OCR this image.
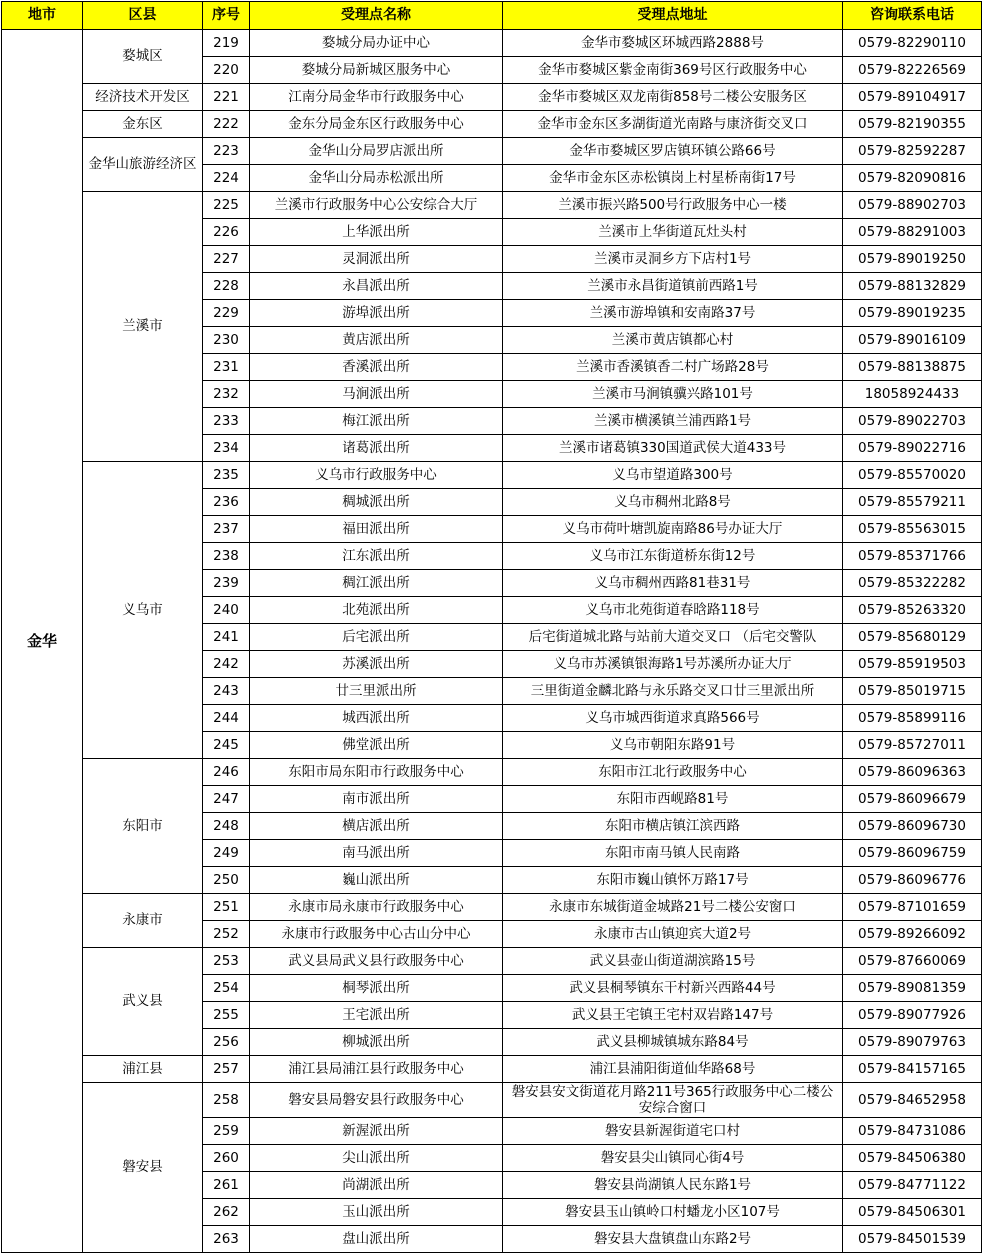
地市	区县	序号	受理点名称	受理点地址	咨询联系电话
金华	婺城区	219	婺城分局办证中心	金华市婺城区环城西路2888号	0579-82290110
		220	婺城分局新城区服务中心	金华市婺城区紫金南街369号区行政服务中心	0579-82226569
	经济技术开发区	221	江南分局金华市行政服务中心	金华市婺城区双龙南街858号二楼公安服务区	0579-89104917
	金东区	222	金东分局金东区行政服务中心	金华市金东区多湖街道光南路与康济街交叉口	0579-82190355
	金华山旅游经济区	223	金华山分局罗店派出所	金华市婺城区罗店镇环镇公路66号	0579-82592287
		224	金华山分局赤松派出所	金华市金东区赤松镇岗上村星桥南街17号	0579-82090816
	兰溪市	225	兰溪市行政服务中心公安综合大厅	兰溪市振兴路500号行政服务中心一楼	0579-88902703
		226	上华派出所	兰溪市上华街道瓦灶头村	0579-88291003
		227	灵洞派出所	兰溪市灵洞乡方下店村1号	0579-89019250
		228	永昌派出所	兰溪市永昌街道镇前西路1号	0579-88132829
		229	游埠派出所	兰溪市游埠镇和安南路37号	0579-89019235
		230	黄店派出所	兰溪市黄店镇都心村	0579-89016109
		231	香溪派出所	兰溪市香溪镇香二村广场路28号	0579-88138875
		232	马涧派出所	兰溪市马涧镇骥兴路101号	18058924433
		233	梅江派出所	兰溪市横溪镇兰浦西路1号	0579-89022703
		234	诸葛派出所	兰溪市诸葛镇330国道武侯大道433号	0579-89022716
	义乌市	235	义乌市行政服务中心	义乌市望道路300号	0579-85570020
		236	稠城派出所	义乌市稠州北路8号	0579-85579211
		237	福田派出所	义乌市荷叶塘凯旋南路86号办证大厅	0579-85563015
		238	江东派出所	义乌市江东街道桥东街12号	0579-85371766
		239	稠江派出所	义乌市稠州西路81巷31号	0579-85322282
		240	北苑派出所	义乌市北苑街道春晗路118号	0579-85263320
		241	后宅派出所	后宅街道城北路与站前大道交叉口 （后宅交警队	0579-85680129
		242	苏溪派出所	义乌市苏溪镇银海路1号苏溪所办证大厅	0579-85919503
		243	廿三里派出所	三里街道金麟北路与永乐路交叉口廿三里派出所	0579-85019715
		244	城西派出所	义乌市城西街道求真路566号	0579-85899116
		245	佛堂派出所	义乌市朝阳东路91号	0579-85727011
	东阳市	246	东阳市局东阳市行政服务中心	东阳市江北行政服务中心	0579-86096363
		247	南市派出所	东阳市西岘路81号	0579-86096679
		248	横店派出所	东阳市横店镇江滨西路	0579-86096730
		249	南马派出所	东阳市南马镇人民南路	0579-86096759
		250	巍山派出所	东阳市巍山镇怀万路17号	0579-86096776
	永康市	251	永康市局永康市行政服务中心	永康市东城街道金城路21号二楼公安窗口	0579-87101659
		252	永康市行政服务中心古山分中心	永康市古山镇迎宾大道2号	0579-89266092
	武义县	253	武义县局武义县行政服务中心	武义县壶山街道湖滨路15号	0579-87660069
		254	桐琴派出所	武义县桐琴镇东干村新兴西路44号	0579-89081359
		255	王宅派出所	武义县王宅镇王宅村双岩路147号	0579-89077926
		256	柳城派出所	武义县柳城镇城东路84号	0579-89079763
	浦江县	257	浦江县局浦江县行政服务中心	浦江县浦阳街道仙华路68号	0579-84157165
	磐安县	258	磐安县局磐安县行政服务中心	磐安县安文街道花月路211号365行政服务中心二楼公安综合窗口	0579-84652958
		259	新渥派出所	磐安县新渥街道宅口村	0579-84731086
		260	尖山派出所	磐安县尖山镇同心街4号	0579-84506380
		261	尚湖派出所	磐安县尚湖镇人民东路1号	0579-84771122
		262	玉山派出所	磐安县玉山镇岭口村蟠龙小区107号	0579-84506301
		263	盘山派出所	磐安县大盘镇盘山东路2号	0579-84501539
